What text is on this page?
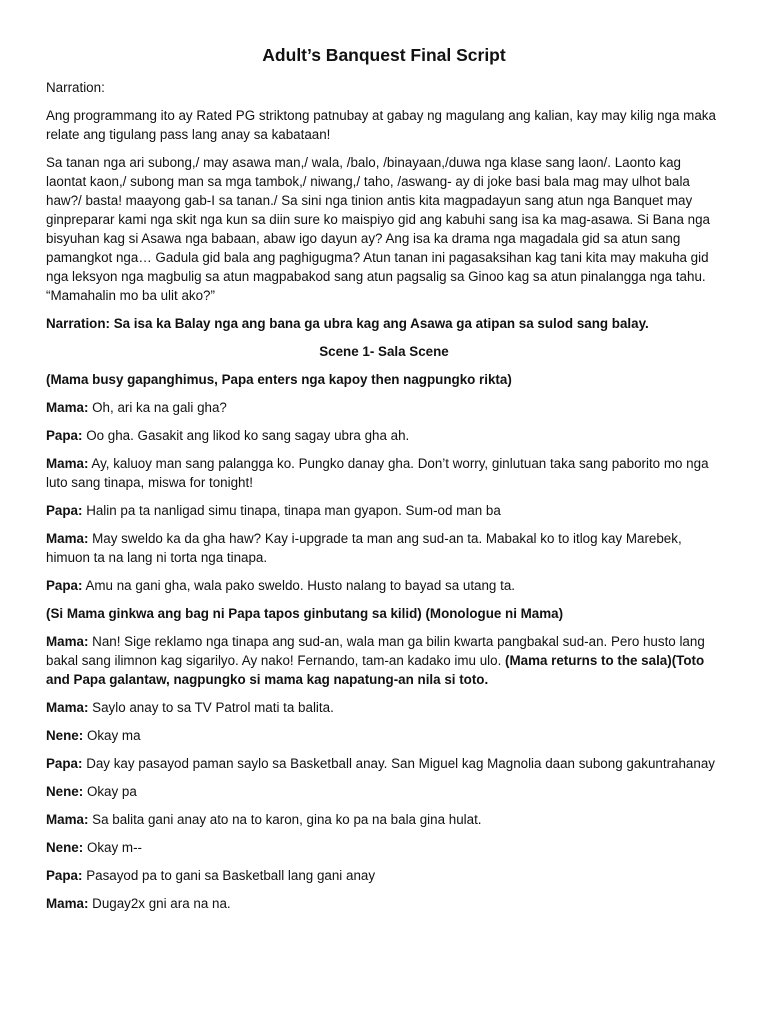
Adult’s Banquest Final Script

Narration:

Ang programmang ito ay Rated PG striktong patnubay at gabay ng magulang ang kalian, kay may kilig nga maka relate ang tigulang pass lang anay sa kabataan!

Sa tanan nga ari subong,/ may asawa man,/ wala, /balo, /binayaan,/duwa nga klase sang laon/. Laonto kag laontat kaon,/ subong man sa mga tambok,/ niwang,/ taho, /aswang- ay di joke basi bala mag may ulhot bala haw?/ basta! maayong gab-I sa tanan./ Sa sini nga tinion antis kita magpadayun sang atun nga Banquet may ginpreparar kami nga skit nga kun sa diin sure ko maispiyo gid ang kabuhi sang isa ka mag-asawa. Si Bana nga bisyuhan kag si Asawa nga babaan, abaw igo dayun ay? Ang isa ka drama nga magadala gid sa atun sang pamangkot nga… Gadula gid bala ang paghigugma? Atun tanan ini pagasaksihan kag tani kita may makuha gid nga leksyon nga magbulig sa atun magpabakod sang atun pagsalig sa Ginoo kag sa atun pinalangga nga tahu. “Mamahalin mo ba ulit ako?”

Narration: Sa isa ka Balay nga ang bana ga ubra kag ang Asawa ga atipan sa sulod sang balay.

Scene 1- Sala Scene

(Mama busy gapanghimus, Papa enters nga kapoy then nagpungko rikta)

Mama: Oh, ari ka na gali gha?

Papa: Oo gha. Gasakit ang likod ko sang sagay ubra gha ah.

Mama: Ay, kaluoy man sang palangga ko. Pungko danay gha. Don’t worry, ginlutuan taka sang paborito mo nga luto sang tinapa, miswa for tonight!

Papa: Halin pa ta nanligad simu tinapa, tinapa man gyapon. Sum-od man ba

Mama: May sweldo ka da gha haw? Kay i-upgrade ta man ang sud-an ta. Mabakal ko to itlog kay Marebek, himuon ta na lang ni torta nga tinapa.

Papa: Amu na gani gha, wala pako sweldo. Husto nalang to bayad sa utang ta.

(Si Mama ginkwa ang bag ni Papa tapos ginbutang sa kilid) (Monologue ni Mama)

Mama: Nan! Sige reklamo nga tinapa ang sud-an, wala man ga bilin kwarta pangbakal sud-an. Pero husto lang bakal sang ilimnon kag sigarilyo. Ay nako! Fernando, tam-an kadako imu ulo. (Mama returns to the sala)(Toto and Papa galantaw, nagpungko si mama kag napatung-an nila si toto.

Mama: Saylo anay to sa TV Patrol mati ta balita.

Nene: Okay ma

Papa: Day kay pasayod paman saylo sa Basketball anay. San Miguel kag Magnolia daan subong gakuntrahanay

Nene: Okay pa

Mama: Sa balita gani anay ato na to karon, gina ko pa na bala gina hulat.

Nene: Okay m--

Papa: Pasayod pa to gani sa Basketball lang gani anay

Mama: Dugay2x gni ara na na.
